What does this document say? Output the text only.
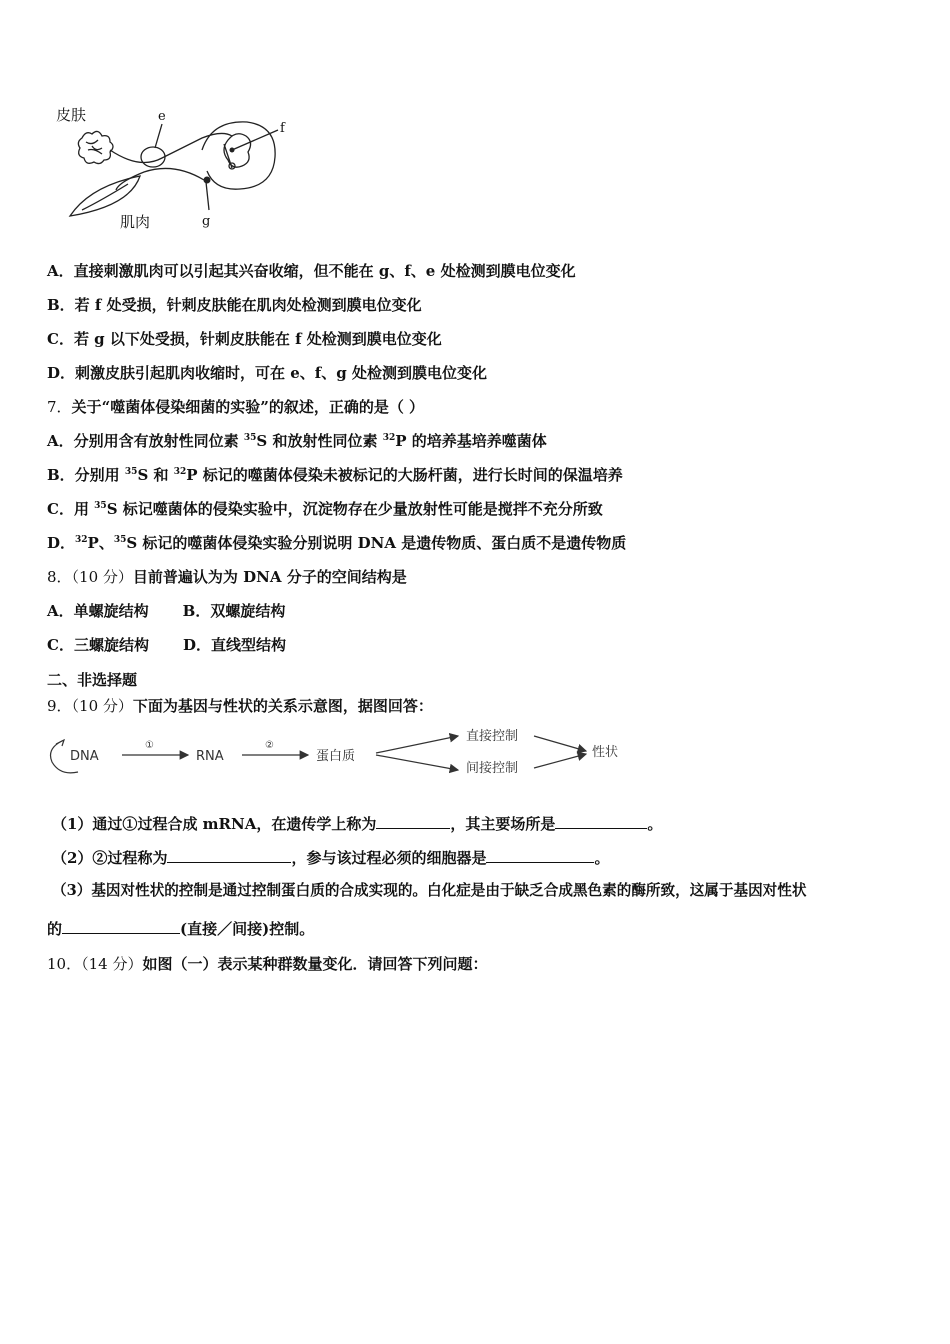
皮肤
肌肉
e
f
g
A．直接刺激肌肉可以引起其兴奋收缩，但不能在 g、f、e 处检测到膜电位变化
B．若 f 处受损，针刺皮肤能在肌肉处检测到膜电位变化
C．若 g 以下处受损，针刺皮肤能在 f 处检测到膜电位变化
D．刺激皮肤引起肌肉收缩时，可在 e、f、g 处检测到膜电位变化
7．关于“噬菌体侵染细菌的实验”的叙述，正确的是（ ）
A．分别用含有放射性同位素 $^{35}$S 和放射性同位素 $^{32}$P 的培养基培养噬菌体
B．分别用 $^{35}$S 和 $^{32}$P 标记的噬菌体侵染未被标记的大肠杆菌，进行长时间的保温培养
C．用 $^{35}$S 标记噬菌体的侵染实验中，沉淀物存在少量放射性可能是搅拌不充分所致
D．$^{32}$P、$^{35}$S 标记的噬菌体侵染实验分别说明 DNA 是遗传物质、蛋白质不是遗传物质
8．（10 分）目前普遍认为为 DNA 分子的空间结构是
A．单螺旋结构 B．双螺旋结构
C．三螺旋结构 D．直线型结构
二、非选择题
9．（10 分）下面为基因与性状的关系示意图，据图回答：
DNA
①
RNA
②
蛋白质
直接控制
间接控制
性状
（1）通过①过程合成 mRNA，在遗传学上称为	，其主要场所是	。
（2）②过程称为	，参与该过程必须的细胞器是	。
（3）基因对性状的控制是通过控制蛋白质的合成实现的。白化症是由于缺乏合成黑色素的酶所致，这属于基因对性状
的	(直接／间接)控制。
10．（14 分）如图（一）表示某种群数量变化．请回答下列问题：
